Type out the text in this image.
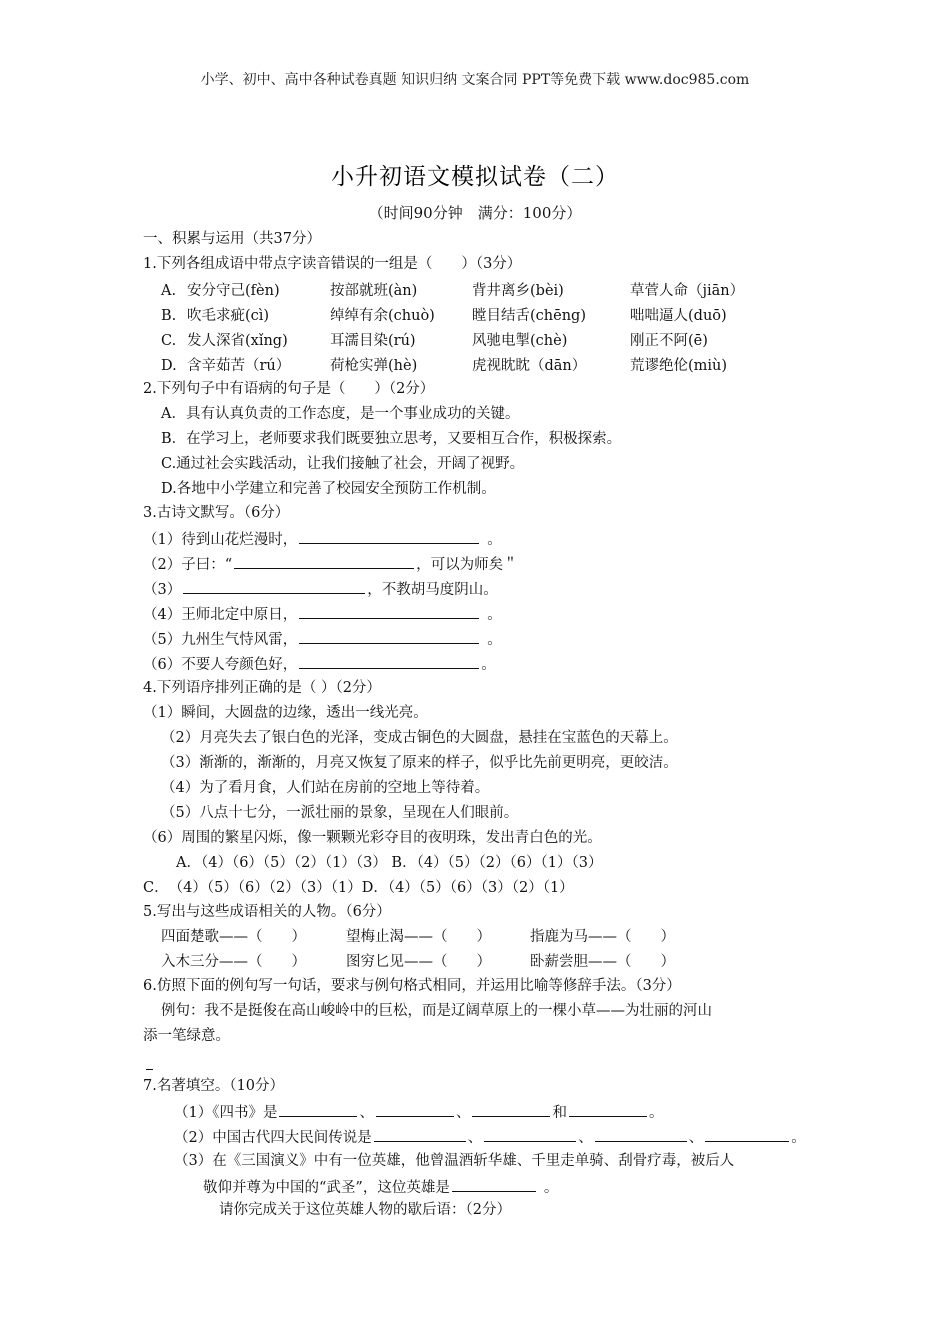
小学、初中、高中各种试卷真题 知识归纳 文案合同 PPT等免费下载 www.doc985.com
小升初语文模拟试卷（二）
（时间90分钟　满分：100分）
一、积累与运用（共37分）
1.下列各组成语中带点字读音错误的一组是（　　）（3分）
A. 安分守己(fèn)	按部就班(àn)	背井离乡(bèi)	草菅人命（jiān）
B. 吹毛求疵(cì)	绰绰有余(chuò)	瞠目结舌(chēng)	咄咄逼人(duō)
C. 发人深省(xǐng)	耳濡目染(rú)	风驰电掣(chè)	刚正不阿(ē)
D. 含辛茹苦（rú）	荷枪实弹(hè)	虎视眈眈（dān）	荒谬绝伦(miù)
2.下列句子中有语病的句子是（　　）（2分）
A．具有认真负责的工作态度，是一个事业成功的关键。
B．在学习上，老师要求我们既要独立思考，又要相互合作，积极探索。
C.通过社会实践活动，让我们接触了社会，开阔了视野。
D.各地中小学建立和完善了校园安全预防工作机制。
3.古诗文默写。（6分）
（1）待到山花烂漫时，	。
（2）子曰：“	，可以为师矣＂
（3）	，不教胡马度阴山。
（4）王师北定中原日，	。
（5）九州生气恃风雷，	。
（6）不要人夸颜色好，	。
4.下列语序排列正确的是（ ）（2分）
（1）瞬间，大圆盘的边缘，透出一线光亮。
（2）月亮失去了银白色的光泽，变成古铜色的大圆盘，悬挂在宝蓝色的天幕上。
（3）渐渐的，渐渐的，月亮又恢复了原来的样子，似乎比先前更明亮，更皎洁。
（4）为了看月食，人们站在房前的空地上等待着。
（5）八点十七分，一派壮丽的景象，呈现在人们眼前。
（6）周围的繁星闪烁，像一颗颗光彩夺目的夜明珠，发出青白色的光。
A．（4）（6）（5）（2）（1）（3） B．（4）（5）（2）（6）（1）（3）
C．　（4）（5）（6）（2）（3）（1）D．（4）（5）（6）（3）（2）（1）
5.写出与这些成语相关的人物。（6分）
四面楚歌——（　　）	望梅止渴——（　　）	指鹿为马——（　　）
入木三分——（　　）	图穷匕见——（　　）	卧薪尝胆——（　　）
6.仿照下面的例句写一句话，要求与例句格式相同，并运用比喻等修辞手法。（3分）
例句：我不是挺俊在高山峻岭中的巨松，而是辽阔草原上的一棵小草——为壮丽的河山
添一笔绿意。
7.名著填空。（10分）
（1）《四书》是	、	、	和	。
（2）中国古代四大民间传说是	、	、	、	。
（3）在《三国演义》中有一位英雄，他曾温酒斩华雄、千里走单骑、刮骨疗毒，被后人
敬仰并尊为中国的“武圣”，这位英雄是	。
请你完成关于这位英雄人物的歇后语：（2分）
